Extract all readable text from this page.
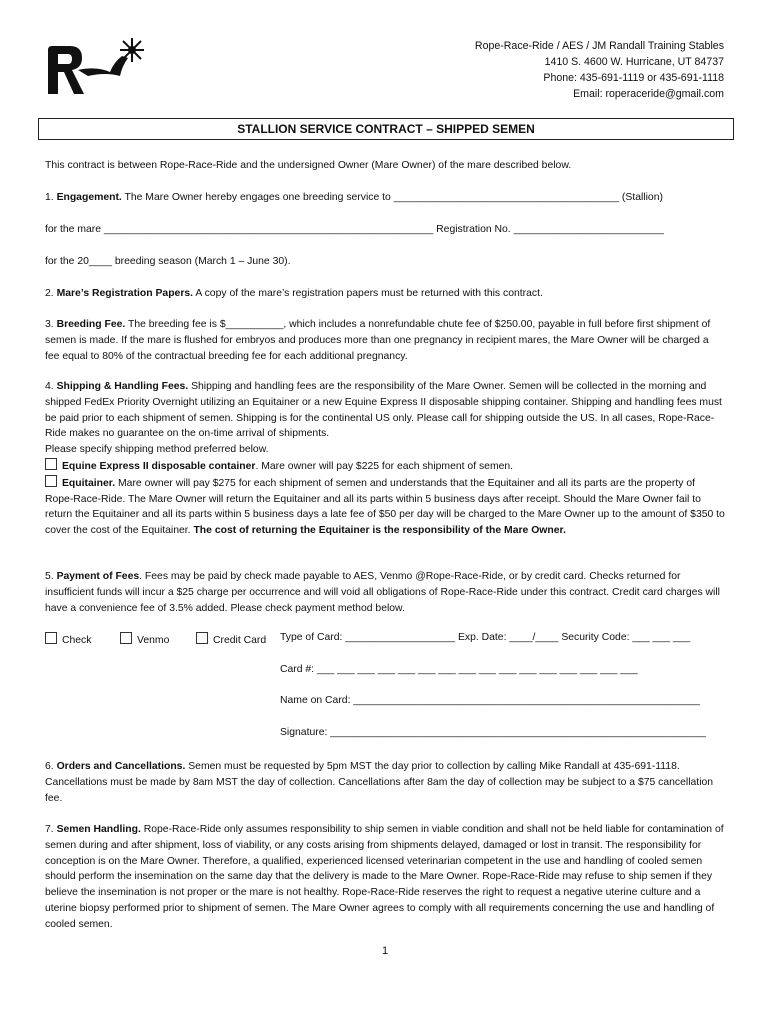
Rope-Race-Ride / AES / JM Randall Training Stables
1410 S. 4600 W. Hurricane, UT 84737
Phone: 435-691-1119 or 435-691-1118
Email: roperaceride@gmail.com
STALLION SERVICE CONTRACT – SHIPPED SEMEN
This contract is between Rope-Race-Ride and the undersigned Owner (Mare Owner) of the mare described below.
1. Engagement. The Mare Owner hereby engages one breeding service to _______________________________________ (Stallion)
for the mare _________________________________________________________ Registration No. __________________________
for the 20____ breeding season (March 1 – June 30).
2. Mare’s Registration Papers. A copy of the mare’s registration papers must be returned with this contract.
3. Breeding Fee. The breeding fee is $__________, which includes a nonrefundable chute fee of $250.00, payable in full before first shipment of semen is made. If the mare is flushed for embryos and produces more than one pregnancy in recipient mares, the Mare Owner will be charged a fee equal to 80% of the contractual breeding fee for each additional pregnancy.
4. Shipping & Handling Fees. Shipping and handling fees are the responsibility of the Mare Owner. Semen will be collected in the morning and shipped FedEx Priority Overnight utilizing an Equitainer or a new Equine Express II disposable shipping container. Shipping and handling fees must be paid prior to each shipment of semen. Shipping is for the continental US only. Please call for shipping outside the US. In all cases, Rope-Race-Ride makes no guarantee on the on-time arrival of shipments.
Please specify shipping method preferred below.
Equine Express II disposable container. Mare owner will pay $225 for each shipment of semen.
Equitainer. Mare owner will pay $275 for each shipment of semen and understands that the Equitainer and all its parts are the property of Rope-Race-Ride. The Mare Owner will return the Equitainer and all its parts within 5 business days after receipt. Should the Mare Owner fail to return the Equitainer and all its parts within 5 business days a late fee of $50 per day will be charged to the Mare Owner up to the amount of $350 to cover the cost of the Equitainer. The cost of returning the Equitainer is the responsibility of the Mare Owner.
5. Payment of Fees. Fees may be paid by check made payable to AES, Venmo @Rope-Race-Ride, or by credit card. Checks returned for insufficient funds will incur a $25 charge per occurrence and will void all obligations of Rope-Race-Ride under this contract. Credit card charges will have a convenience fee of 3.5% added. Please check payment method below.
Check	Venmo	Credit Card Type of Card: ___________________ Exp. Date: ____/____ Security Code: ___ ___ ___
Card #: ___ ___ ___ ___ ___ ___ ___ ___ ___ ___ ___ ___ ___ ___ ___ ___
Name on Card: ____________________________________________________________
Signature: _________________________________________________________________
6. Orders and Cancellations. Semen must be requested by 5pm MST the day prior to collection by calling Mike Randall at 435-691-1118. Cancellations must be made by 8am MST the day of collection. Cancellations after 8am the day of collection may be subject to a $75 cancellation fee.
7. Semen Handling. Rope-Race-Ride only assumes responsibility to ship semen in viable condition and shall not be held liable for contamination of semen during and after shipment, loss of viability, or any costs arising from shipments delayed, damaged or lost in transit. The responsibility for conception is on the Mare Owner. Therefore, a qualified, experienced licensed veterinarian competent in the use and handling of cooled semen should perform the insemination on the same day that the delivery is made to the Mare Owner. Rope-Race-Ride may refuse to ship semen if they believe the insemination is not proper or the mare is not healthy. Rope-Race-Ride reserves the right to request a negative uterine culture and a uterine biopsy performed prior to shipment of semen. The Mare Owner agrees to comply with all requirements concerning the use and handling of cooled semen.
1
